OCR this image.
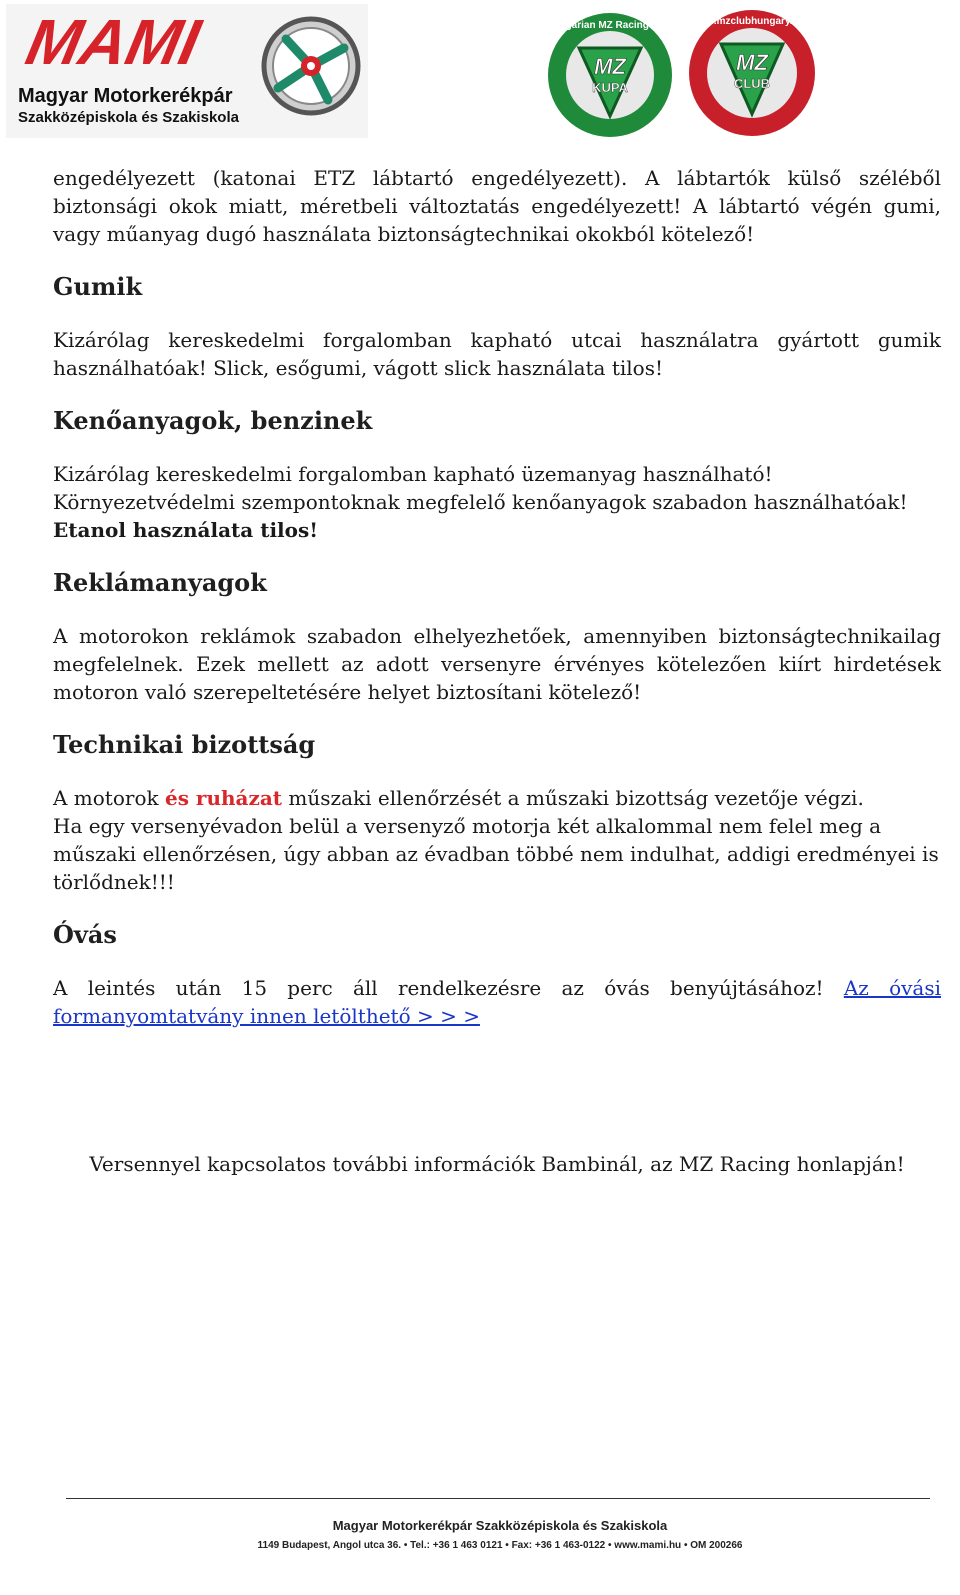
MAMI
Magyar Motorkerékpár
Szakközépiskola és Szakiskola
MZ
KUPA
Hungarian MZ Racing Club
MZ
CLUB
www.mzclubhungary.com

engedélyezett (katonai ETZ lábtartó engedélyezett). A lábtartók külső széléből biztonsági okok miatt, méretbeli változtatás engedélyezett! A lábtartó végén gumi, vagy műanyag dugó használata biztonságtechnikai okokból kötelező!

Gumik

Kizárólag kereskedelmi forgalomban kapható utcai használatra gyártott gumik használhatóak! Slick, esőgumi, vágott slick használata tilos!

Kenőanyagok, benzinek

Kizárólag kereskedelmi forgalomban kapható üzemanyag használható!

Környezetvédelmi szempontoknak megfelelő kenőanyagok szabadon használhatóak!

Etanol használata tilos!

Reklámanyagok

A motorokon reklámok szabadon elhelyezhetőek, amennyiben biztonságtechnikailag megfelelnek. Ezek mellett az adott versenyre érvényes kötelezően kiírt hirdetések motoron való szerepeltetésére helyet biztosítani kötelező!

Technikai bizottság

A motorok és ruházat műszaki ellenőrzését a műszaki bizottság vezetője végzi.

Ha egy versenyévadon belül a versenyző motorja két alkalommal nem felel meg a műszaki ellenőrzésen, úgy abban az évadban többé nem indulhat, addigi eredményei is törlődnek!!!

Óvás

A leintés után 15 perc áll rendelkezésre az óvás benyújtásához! Az óvási formanyomtatvány innen letölthető > > >

Versennyel kapcsolatos további információk Bambinál, az MZ Racing honlapján!

Magyar Motorkerékpár Szakközépiskola és Szakiskola
1149 Budapest, Angol utca 36. • Tel.: +36 1 463 0121 • Fax: +36 1 463-0122 • www.mami.hu • OM 200266
